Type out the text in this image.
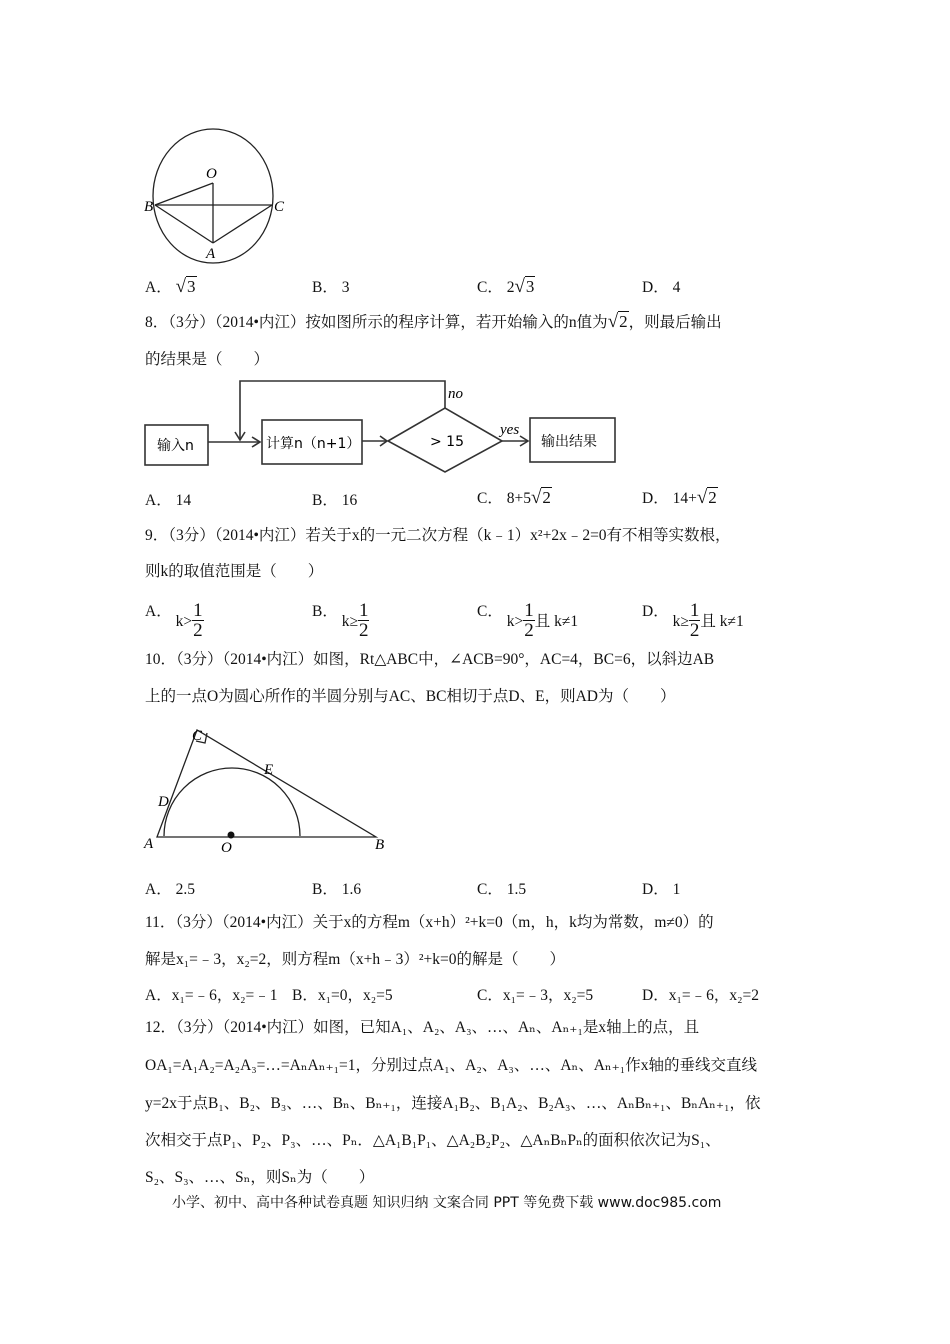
O
B	C
A
输入n	计算n（n+1）	> 15	输出结果
no
yes
C
E
D
A	O	B
A． √3	B． 3	C． 2√3	D． 4
8．（3分）（2014•内江）按如图所示的程序计算，若开始输入的n值为√2，则最后输出
的结果是（　　）
A． 14	B． 16	C． 8+5√2	D． 14+√2
9．（3分）（2014•内江）若关于x的一元二次方程（k﹣1）x²+2x﹣2=0有不相等实数根，
则k的取值范围是（　　）
A． $k> \frac{1}{2}$	B． $k\ge \frac{1}{2}$	C． $k> \frac{1}{2}$ 且 k≠1
D． $k\ge \frac{1}{2}$ 且 k≠1
10．（3分）（2014•内江）如图，Rt△ABC中，∠ACB=90°，AC=4，BC=6，以斜边AB
上的一点O为圆心所作的半圆分别与AC、BC相切于点D、E，则AD为（　　）
A． 2.5	B． 1.6	C． 1.5	D． 1
11．（3分）（2014•内江）关于x的方程m（x+h）²+k=0（m，h，k均为常数，m≠0）的
解是x₁=﹣3，x₂=2，则方程m（x+h﹣3）²+k=0的解是（　　）
A．x₁=﹣6，x₂=﹣1 B．x₁=0，x₂=5	C．x₁=﹣3，x₂=5	D．x₁=﹣6，x₂=2
12．（3分）（2014•内江）如图，已知A₁、A₂、A₃、…、Aₙ、Aₙ₊₁是x轴上的点，且
OA₁=A₁A₂=A₂A₃=…=AₙAₙ₊₁=1，分别过点A₁、A₂、A₃、…、Aₙ、Aₙ₊₁作x轴的垂线交直线
y=2x于点B₁、B₂、B₃、…、Bₙ、Bₙ₊₁，连接A₁B₂、B₁A₂、B₂A₃、…、AₙBₙ₊₁、BₙAₙ₊₁，依
次相交于点P₁、P₂、P₃、…、Pₙ．△A₁B₁P₁、△A₂B₂P₂、△AₙBₙPₙ的面积依次记为S₁、
S₂、S₃、…、Sₙ，则Sₙ为（　　）
小学、初中、高中各种试卷真题 知识归纳 文案合同 PPT 等免费下载 www.doc985.com
